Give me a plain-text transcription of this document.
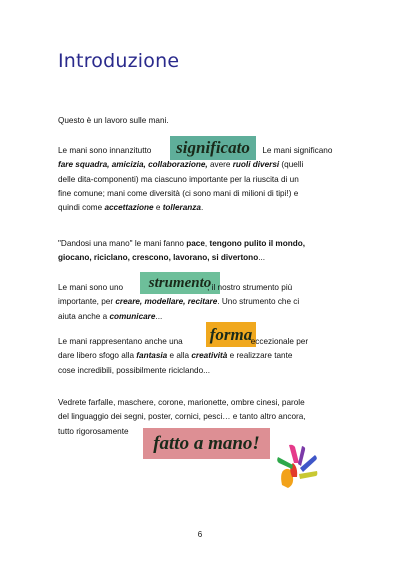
Introduzione

Questo è un lavoro sulle mani.

significato

Le mani sono innanzitutto	Le mani significano
fare squadra, amicizia, collaborazione, avere ruoli diversi (quelli
delle dita-componenti) ma ciascuno importante per la riuscita di un
fine comune; mani come diversità (ci sono mani di milioni di tipi!) e
quindi come accettazione e tolleranza.

"Dandosi una mano" le mani fanno pace, tengono pulito il mondo,
giocano, riciclano, crescono, lavorano, si divertono...

strumento

Le mani sono uno	, il nostro strumento più
importante, per creare, modellare, recitare. Uno strumento che ci
aiuta anche a comunicare...

forma

Le mani rappresentano anche una	eccezionale per
dare libero sfogo alla fantasia e alla creatività e realizzare tante
cose incredibili, possibilmente riciclando...

Vedrete farfalle, maschere, corone, marionette, ombre cinesi, parole
del linguaggio dei segni, poster, cornici, pesci… e tanto altro ancora,
tutto rigorosamente

fatto a mano!
6
